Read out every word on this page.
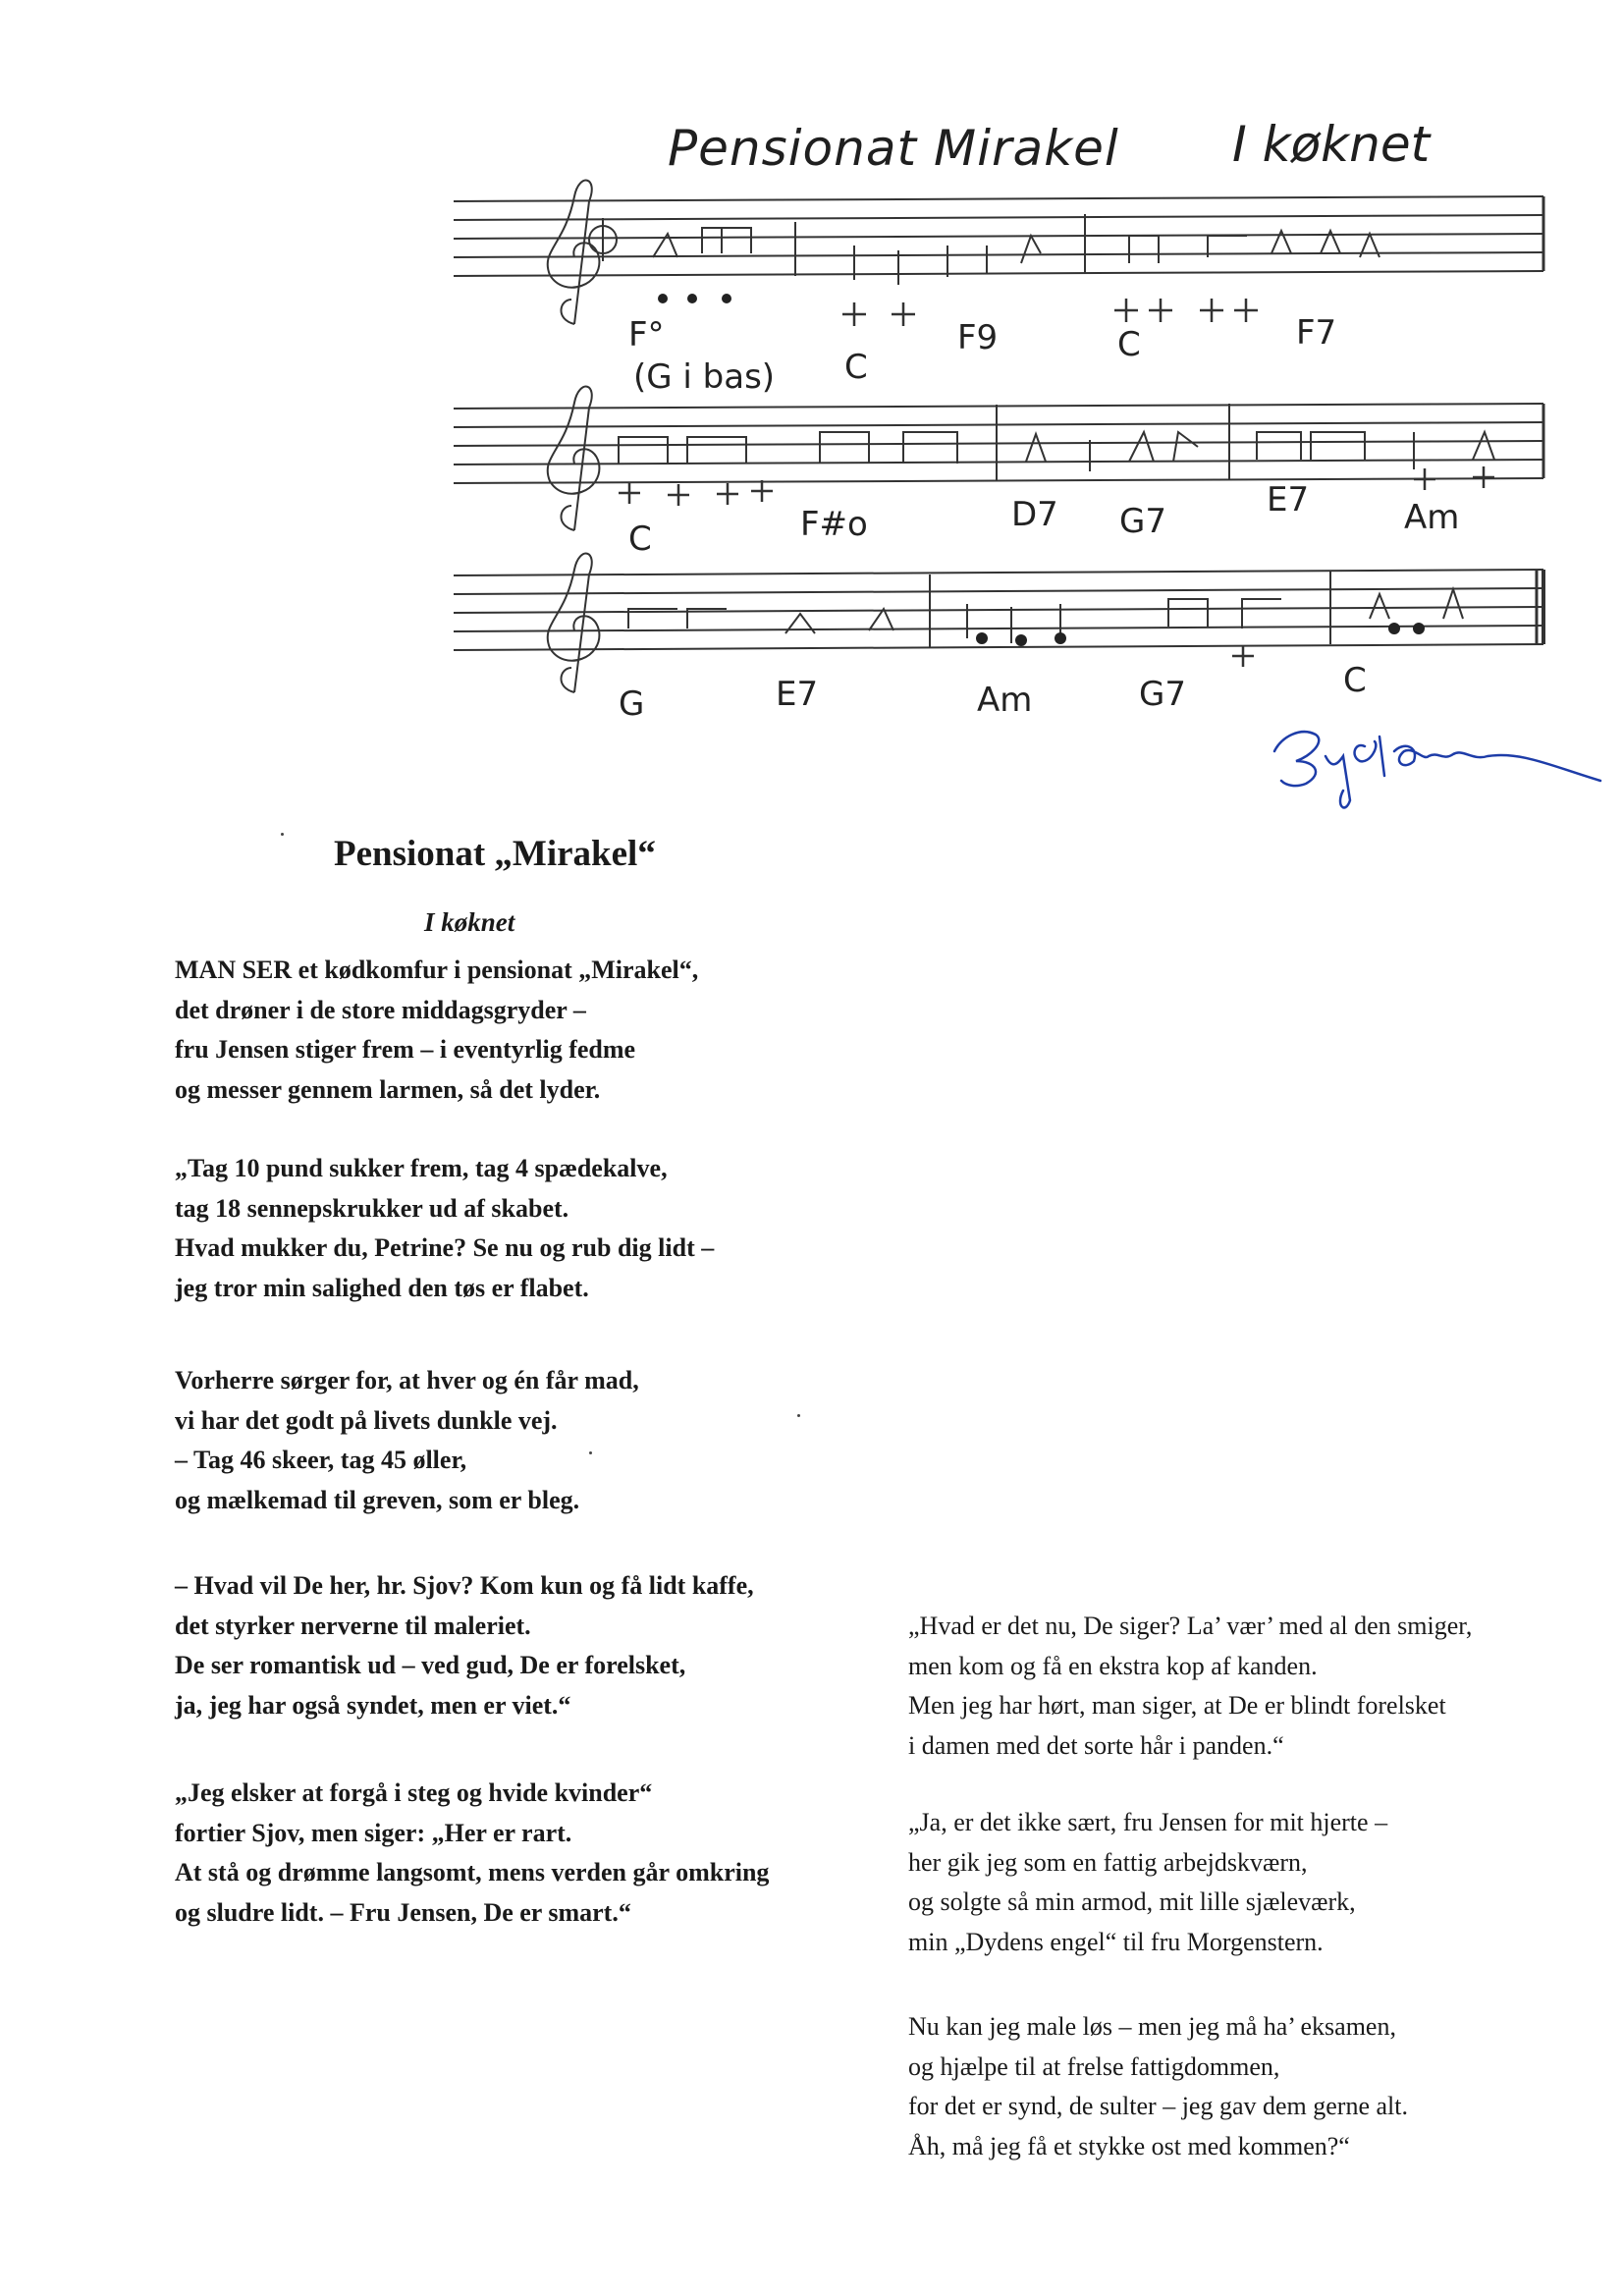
Pensionat Mirakel I køknet
F°
(G i bas) C
F9	C	F7
C	F#o	D7 G7
E7	Am
G	E7	Am	G7	C
Pensionat „Mirakel“
I køknet
MAN SER et kødkomfur i pensionat „Mirakel“,
det drøner i de store middagsgryder –
fru Jensen stiger frem – i eventyrlig fedme
og messer gennem larmen, så det lyder.
„Tag 10 pund sukker frem, tag 4 spædekalve,
tag 18 sennepskrukker ud af skabet.
Hvad mukker du, Petrine? Se nu og rub dig lidt –
jeg tror min salighed den tøs er flabet.
Vorherre sørger for, at hver og én får mad,
vi har det godt på livets dunkle vej.
– Tag 46 skeer, tag 45 øller,
og mælkemad til greven, som er bleg.
– Hvad vil De her, hr. Sjov? Kom kun og få lidt kaffe,
det styrker nerverne til maleriet.
De ser romantisk ud – ved gud, De er forelsket,
ja, jeg har også syndet, men er viet.“
„Jeg elsker at forgå i steg og hvide kvinder“
fortier Sjov, men siger: „Her er rart.
At stå og drømme langsomt, mens verden går omkring
og sludre lidt. – Fru Jensen, De er smart.“
„Hvad er det nu, De siger? La’ vær’ med al den smiger,
men kom og få en ekstra kop af kanden.
Men jeg har hørt, man siger, at De er blindt forelsket
i damen med det sorte hår i panden.“
„Ja, er det ikke sært, fru Jensen for mit hjerte –
her gik jeg som en fattig arbejdskværn,
og solgte så min armod, mit lille sjæleværk,
min „Dydens engel“ til fru Morgenstern.
Nu kan jeg male løs – men jeg må ha’ eksamen,
og hjælpe til at frelse fattigdommen,
for det er synd, de sulter – jeg gav dem gerne alt.
Åh, må jeg få et stykke ost med kommen?“
